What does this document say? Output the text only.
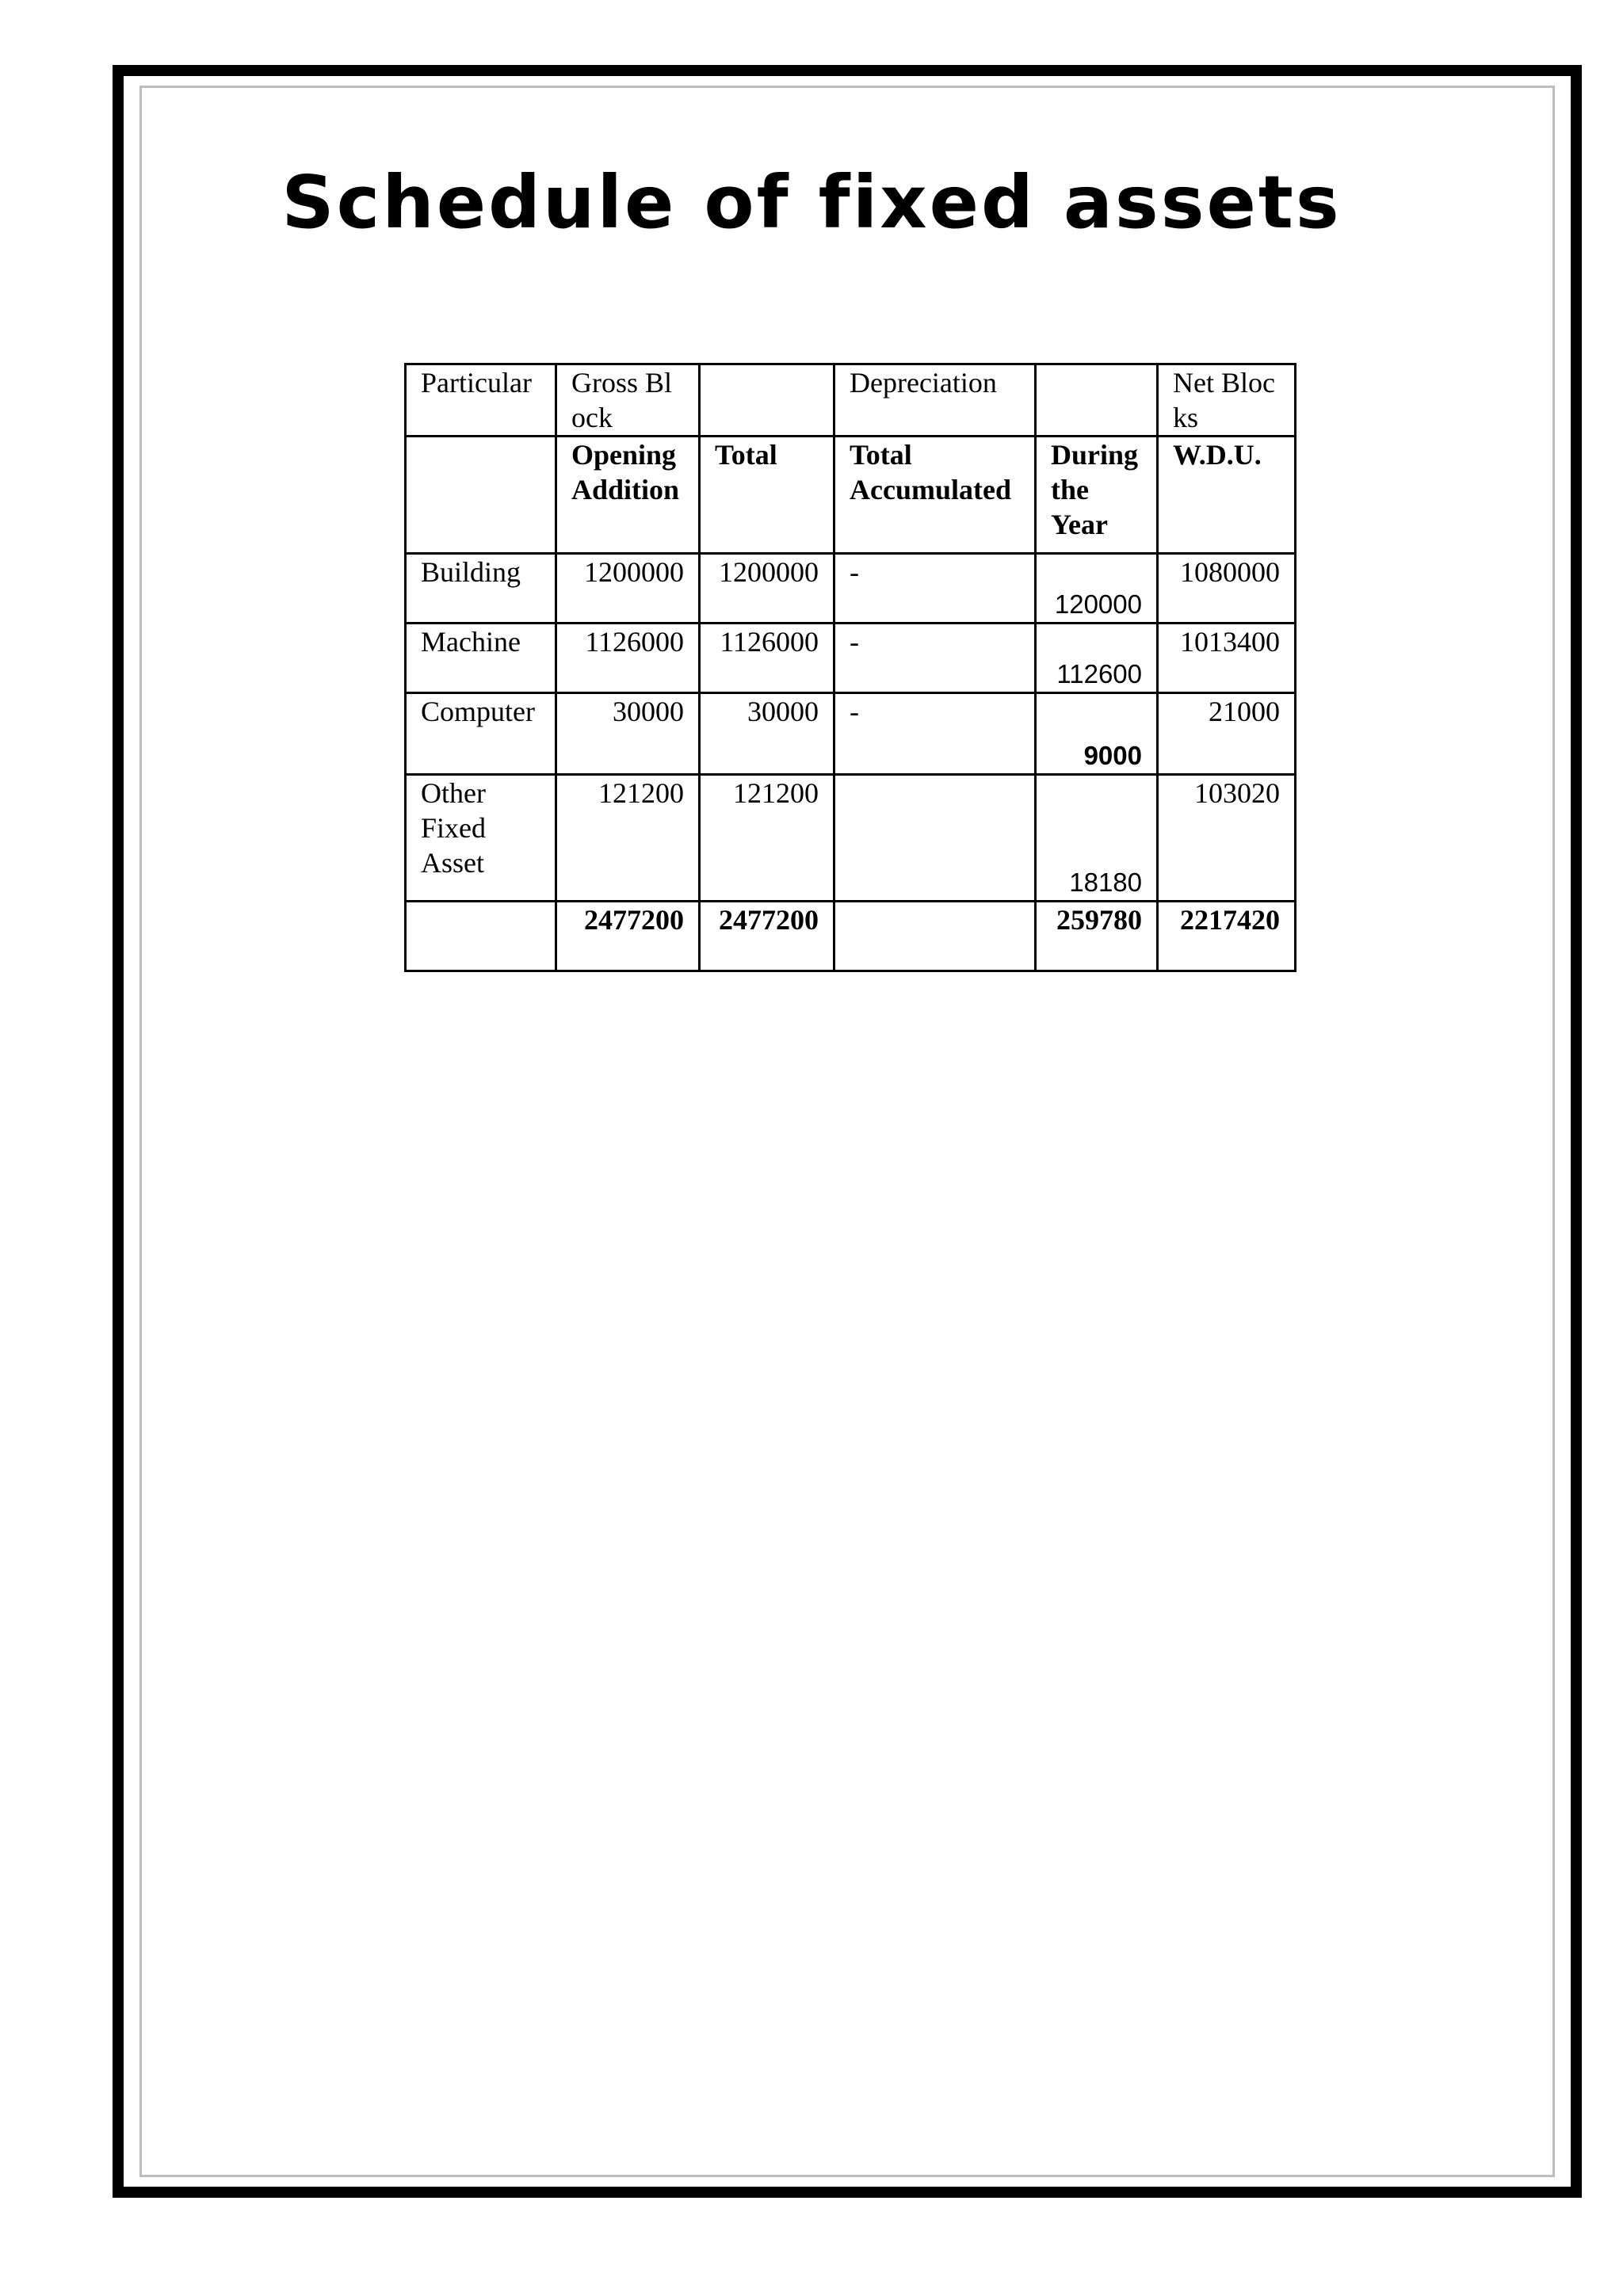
Schedule of fixed assets
Particular	Gross Block		Depreciation		Net Blocks
	Opening Addition	Total	Total Accumulated	During the Year	W.D.U.
Building	1200000	1200000	-	120000	1080000
Machine	1126000	1126000	-	112600	1013400
Computer	30000	30000	-	9000	21000
Other Fixed Asset	121200	121200		18180	103020
	2477200	2477200		259780	2217420
